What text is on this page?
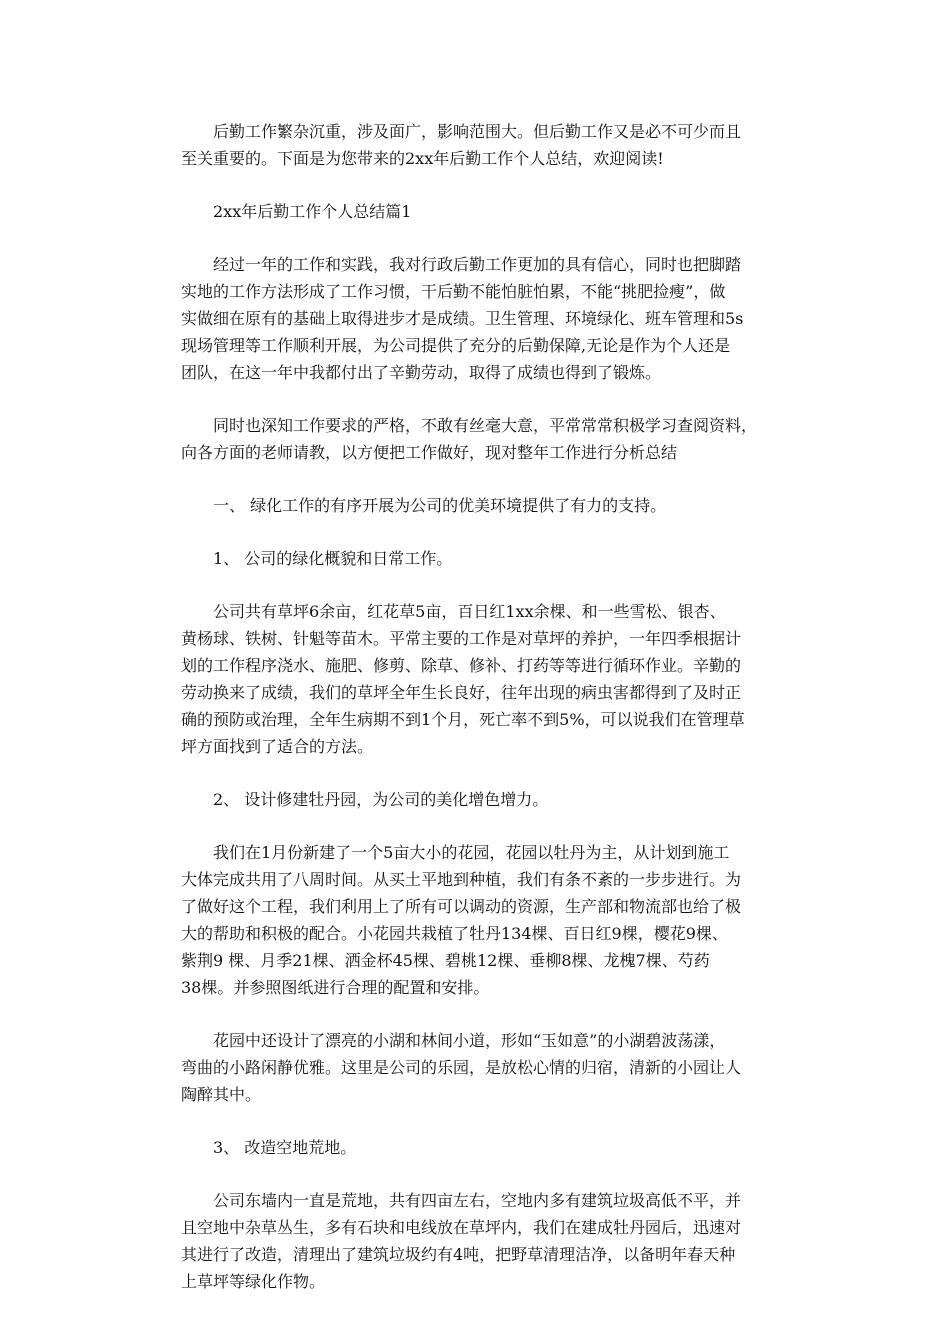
后勤工作繁杂沉重，涉及面广，影响范围大。但后勤工作又是必不可少而且
至关重要的。下面是为您带来的2xx年后勤工作个人总结，欢迎阅读!

2xx年后勤工作个人总结篇1

经过一年的工作和实践，我对行政后勤工作更加的具有信心，同时也把脚踏
实地的工作方法形成了工作习惯，干后勤不能怕脏怕累，不能“挑肥捡瘦”，做
实做细在原有的基础上取得进步才是成绩。卫生管理、环境绿化、班车管理和5s
现场管理等工作顺利开展，为公司提供了充分的后勤保障,无论是作为个人还是
团队，在这一年中我都付出了辛勤劳动，取得了成绩也得到了锻炼。

同时也深知工作要求的严格，不敢有丝毫大意，平常常常积极学习查阅资料，
向各方面的老师请教，以方便把工作做好，现对整年工作进行分析总结

一、 绿化工作的有序开展为公司的优美环境提供了有力的支持。

1、 公司的绿化概貌和日常工作。

公司共有草坪6余亩，红花草5亩，百日红1xx余棵、和一些雪松、银杏、
黄杨球、铁树、针魁等苗木。平常主要的工作是对草坪的养护，一年四季根据计
划的工作程序浇水、施肥、修剪、除草、修补、打药等等进行循环作业。辛勤的
劳动换来了成绩，我们的草坪全年生长良好，往年出现的病虫害都得到了及时正
确的预防或治理，全年生病期不到1个月，死亡率不到5%，可以说我们在管理草
坪方面找到了适合的方法。

2、 设计修建牡丹园，为公司的美化增色增力。

我们在1月份新建了一个5亩大小的花园，花园以牡丹为主，从计划到施工
大体完成共用了八周时间。从买土平地到种植，我们有条不紊的一步步进行。为
了做好这个工程，我们利用上了所有可以调动的资源，生产部和物流部也给了极
大的帮助和积极的配合。小花园共栽植了牡丹134棵、百日红9棵，樱花9棵、
紫荆9 棵、月季21棵、洒金杯45棵、碧桃12棵、垂柳8棵、龙槐7棵、芍药
38棵。并参照图纸进行合理的配置和安排。

花园中还设计了漂亮的小湖和林间小道，形如“玉如意”的小湖碧波荡漾，
弯曲的小路闲静优雅。这里是公司的乐园，是放松心情的归宿，清新的小园让人
陶醉其中。

3、 改造空地荒地。

公司东墙内一直是荒地，共有四亩左右，空地内多有建筑垃圾高低不平，并
且空地中杂草丛生，多有石块和电线放在草坪内，我们在建成牡丹园后，迅速对
其进行了改造，清理出了建筑垃圾约有4吨，把野草清理洁净，以备明年春天种
上草坪等绿化作物。
